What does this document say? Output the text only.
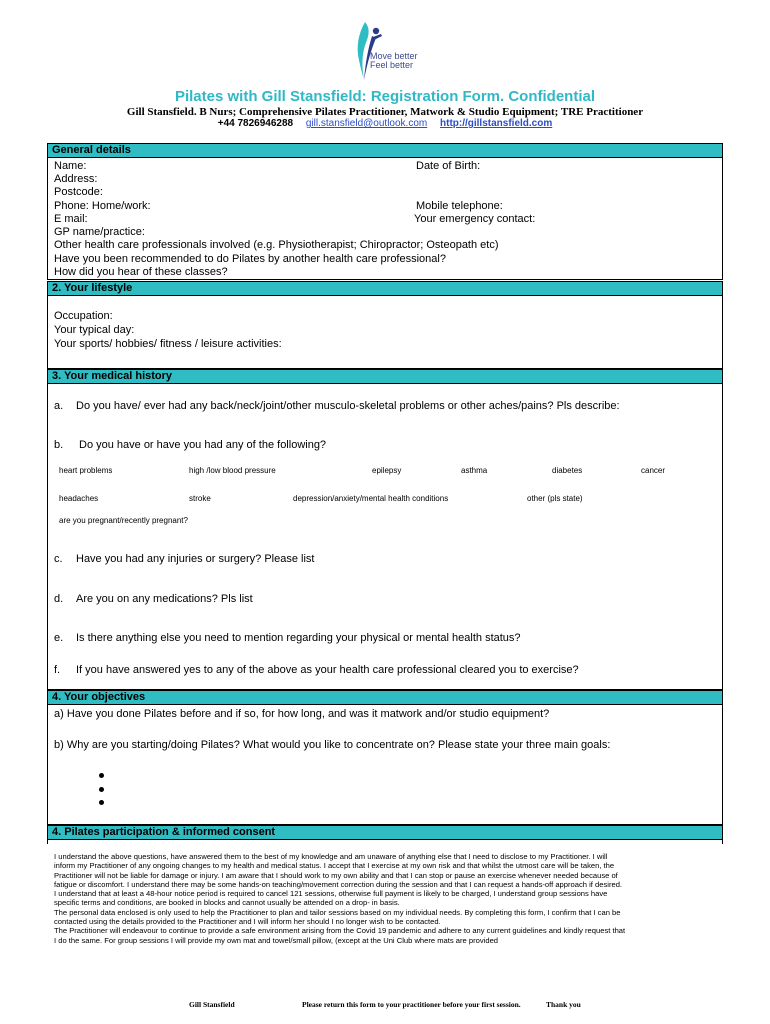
Move better
Feel better
Pilates with Gill Stansfield: Registration Form. Confidential
Gill Stansfield. B Nurs; Comprehensive Pilates Practitioner, Matwork & Studio Equipment; TRE Practitioner
+44 7826946288 gill.stansfield@outlook.com http://gillstansfield.com
General details
Name:	Date of Birth:
Address:
Postcode:
Phone: Home/work:	Mobile telephone:
E mail:	Your emergency contact:
GP name/practice:
Other health care professionals involved (e.g. Physiotherapist; Chiropractor; Osteopath etc)
Have you been recommended to do Pilates by another health care professional?
How did you hear of these classes?
2. Your lifestyle
Occupation:
Your typical day:
Your sports/ hobbies/ fitness / leisure activities:
3. Your medical history
a. Do you have/ ever had any back/neck/joint/other musculo-skeletal problems or other aches/pains? Pls describe:
b. Do you have or have you had any of the following?
heart problems	high /low blood pressure	epilepsy	asthma	diabetes	cancer
headaches	stroke	depression/anxiety/mental health conditions	other (pls state)
are you pregnant/recently pregnant?
c. Have you had any injuries or surgery? Please list
d. Are you on any medications? Pls list
e. Is there anything else you need to mention regarding your physical or mental health status?
f. If you have answered yes to any of the above as your health care professional cleared you to exercise?
4. Your objectives
a) Have you done Pilates before and if so, for how long, and was it matwork and/or studio equipment?
b) Why are you starting/doing Pilates? What would you like to concentrate on? Please state your three main goals:
4. Pilates participation & informed consent
I understand the above questions, have answered them to the best of my knowledge and am unaware of anything else that I need to disclose to my Practitioner. I will
inform my Practitioner of any ongoing changes to my health and medical status. I accept that I exercise at my own risk and that whilst the utmost care will be taken, the
Practitioner will not be liable for damage or injury. I am aware that I should work to my own ability and that I can stop or pause an exercise whenever needed because of
fatigue or discomfort. I understand there may be some hands-on teaching/movement correction during the session and that I can request a hands-off approach if desired.
I understand that at least a 48-hour notice period is required to cancel 121 sessions, otherwise full payment is likely to be charged, I understand group sessions have
specific terms and conditions, are booked in blocks and cannot usually be attended on a drop- in basis.
The personal data enclosed is only used to help the Practitioner to plan and tailor sessions based on my individual needs. By completing this form, I confirm that I can be
contacted using the details provided to the Practitioner and I will inform her should I no longer wish to be contacted.
The Practitioner will endeavour to continue to provide a safe environment arising from the Covid 19 pandemic and adhere to any current guidelines and kindly request that
I do the same. For group sessions I will provide my own mat and towel/small pillow, (except at the Uni Club where mats are provided
Gill Stansfield	Please return this form to your practitioner before your first session.	Thank you
